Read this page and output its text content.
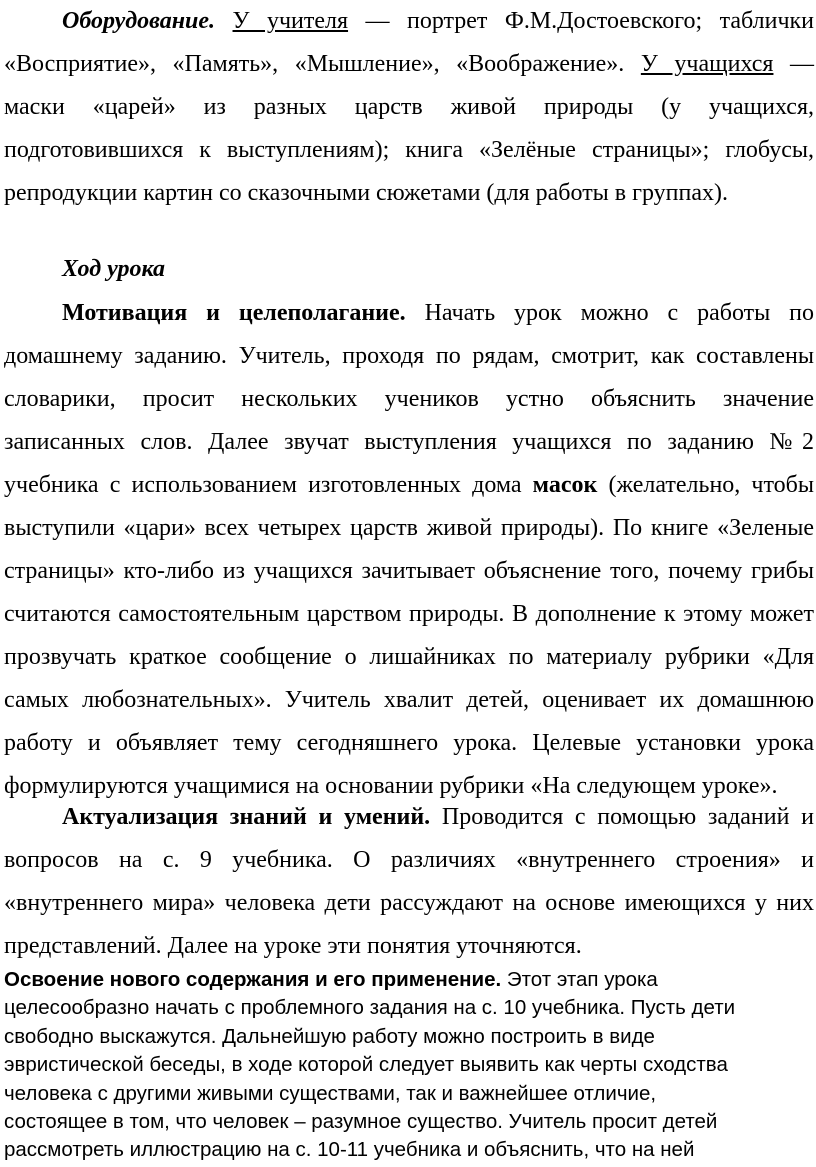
Оборудование. У учителя — портрет Ф.М.Достоевского; таблички «Восприятие», «Память», «Мышление», «Воображение». У учащихся — маски «царей» из разных царств живой природы (у учащихся, подготовившихся к выступлениям); книга «Зелёные страницы»; глобусы, репродукции картин со сказочными сюжетами (для работы в группах).

Ход урока

Мотивация и целеполагание. Начать урок можно с работы по домашнему заданию. Учитель, проходя по рядам, смотрит, как составлены словарики, просит нескольких учеников устно объяснить значение записанных слов. Далее звучат выступления учащихся по заданию №2 учебника с использованием изготовленных дома масок (желательно, чтобы выступили «цари» всех четырех царств живой природы). По книге «Зеленые страницы» кто-либо из учащихся зачитывает объяснение того, почему грибы считаются самостоятельным царством природы. В дополнение к этому может прозвучать краткое сообщение о лишайниках по материалу рубрики «Для самых любознательных». Учитель хвалит детей, оценивает их домашнюю работу и объявляет тему сегодняшнего урока. Целевые установки урока формулируются учащимися на основании рубрики «На следующем уроке».

Актуализация знаний и умений. Проводится с помощью заданий и вопросов на с. 9 учебника. О различиях «внутреннего строения» и «внутреннего мира» человека дети рассуждают на основе имеющихся у них представлений. Далее на уроке эти понятия уточняются.

Освоение нового содержания и его применение. Этот этап урока целесообразно начать с проблемного задания на с. 10 учебника. Пусть дети свободно выскажутся. Дальнейшую работу можно построить в виде эвристической беседы, в ходе которой следует выявить как черты сходства человека с другими живыми существами, так и важнейшее отличие, состоящее в том, что человек – разумное существо. Учитель просит детей рассмотреть иллюстрацию на с. 10-11 учебника и объяснить, что на ней
